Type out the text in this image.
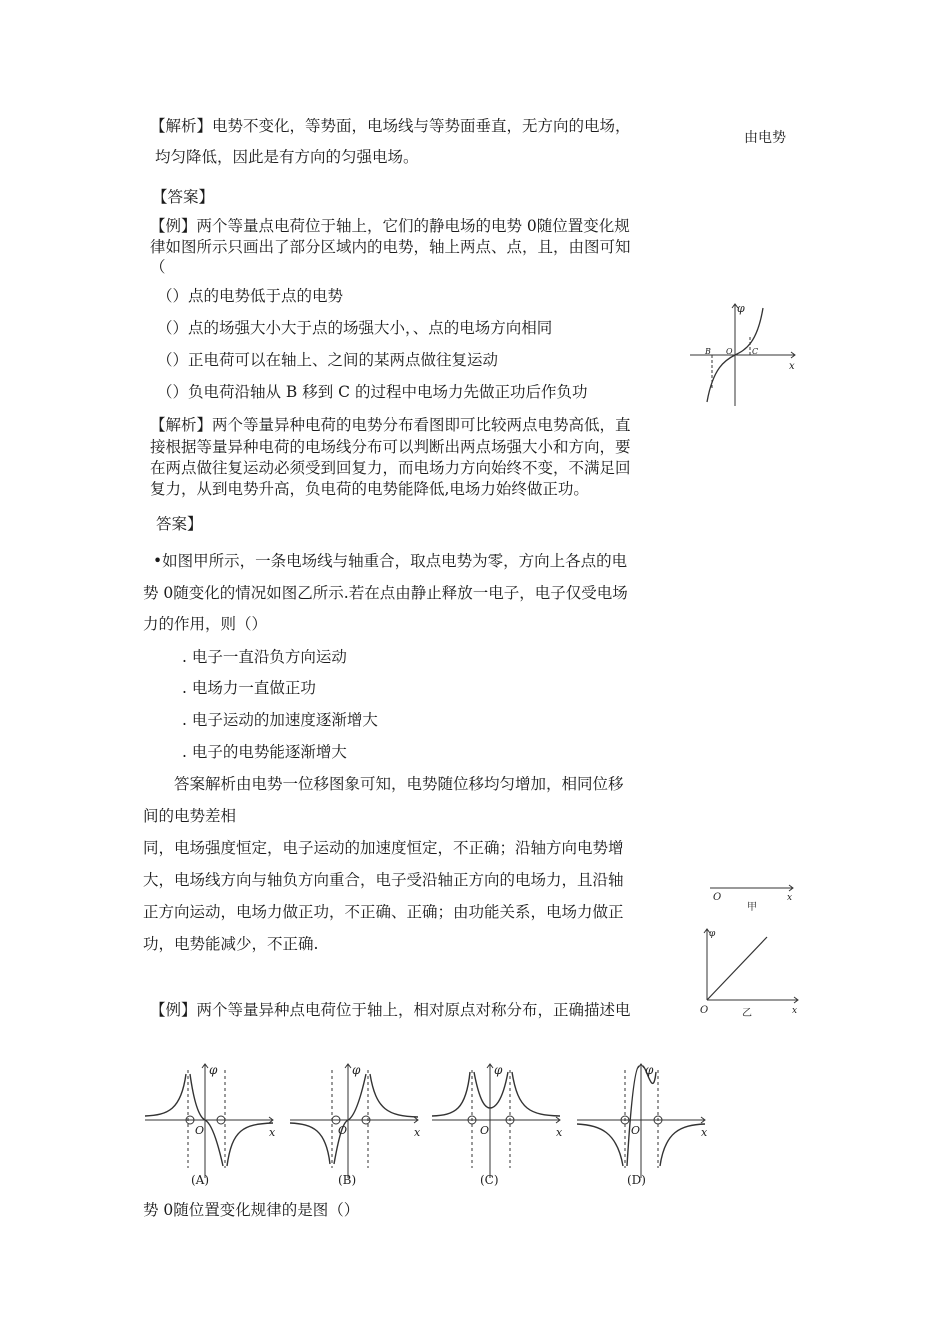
【解析】电势不变化，等势面，电场线与等势面垂直，无方向的电场，
由电势
均匀降低，因此是有方向的匀强电场。
【答案】
【例】两个等量点电荷位于轴上，它们的静电场的电势 0随位置变化规
律如图所示只画出了部分区域内的电势，轴上两点、点，且，由图可知
（
（）点的电势低于点的电势
（）点的场强大小大于点的场强大小，、点的电场方向相同
（）正电荷可以在轴上、之间的某两点做往复运动
（）负电荷沿轴从 B 移到 C 的过程中电场力先做正功后作负功
【解析】两个等量异种电荷的电势分布看图即可比较两点电势高低，直
接根据等量异种电荷的电场线分布可以判断出两点场强大小和方向，要
在两点做往复运动必须受到回复力，而电场力方向始终不变，不满足回
复力，从到电势升高，负电荷的电势能降低,电场力始终做正功。
答案】
•如图甲所示，一条电场线与轴重合，取点电势为零，方向上各点的电
势 0随变化的情况如图乙所示.若在点由静止释放一电子，电子仅受电场
力的作用，则（）
. 电子一直沿负方向运动
. 电场力一直做正功
. 电子运动的加速度逐渐增大
. 电子的电势能逐渐增大
答案解析由电势一位移图象可知，电势随位移均匀增加，相同位移
间的电势差相
同，电场强度恒定，电子运动的加速度恒定，不正确；沿轴方向电势增
大，电场线方向与轴负方向重合，电子受沿轴正方向的电场力，且沿轴
正方向运动，电场力做正功，不正确、正确；由功能关系，电场力做正
功，电势能减少，不正确.
【例】两个等量异种点电荷位于轴上，相对原点对称分布，正确描述电
势 0随位置变化规律的是图（）
φ
x
B O C
O	x
甲
φ
O	x
乙
φ
x
O
(A)
φ
x
O
(B)
φ
x
O
(C)
φ
x
O
(D)
